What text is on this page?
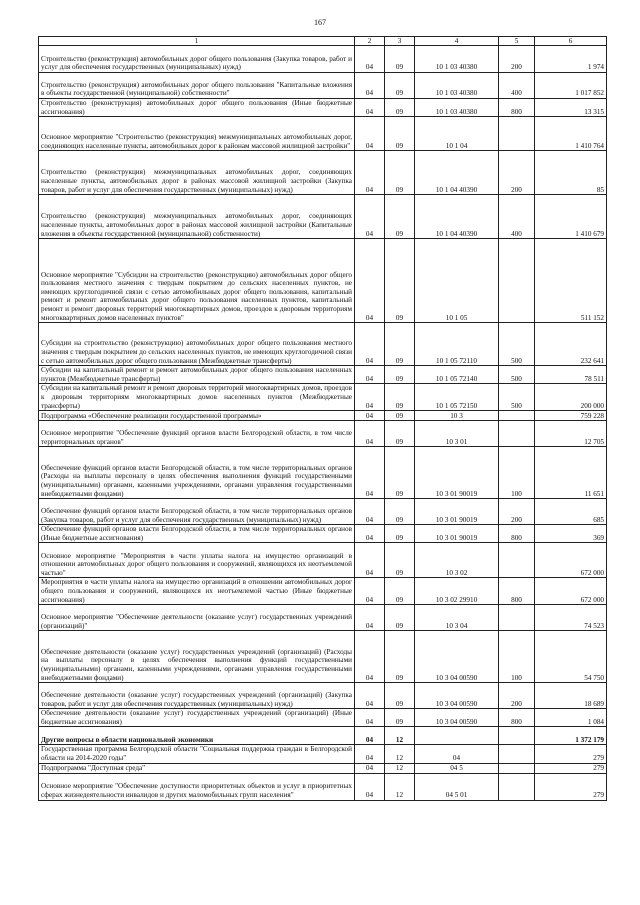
167
1	2	3	4	5	6
Строительство (реконструкция) автомобильных дорог общего пользования (Закупка товаров, работ и услуг для обеспечения государственных (муниципальных) нужд)	04	09	10 1 03 40380	200	1 974
Строительство (реконструкция) автомобильных дорог общего пользования "Капитальные вложения в объекты государственной (муниципальной) собственности"	04	09	10 1 03 40380	400	1 017 852
Строительство (реконструкция) автомобильных дорог общего пользования (Иные бюджетные ассигнования)	04	09	10 1 03 40380	800	13 315
Основное мероприятие "Строительство (реконструкция) межмуниципальных автомобильных дорог, соединяющих населенные пункты, автомобильных дорог к районам массовой жилищной застройки"	04	09	10 1 04		1 410 764
Строительство (реконструкция) межмуниципальных автомобильных дорог, соединяющих населенные пункты, автомобильных дорог в районах массовой жилищной застройки (Закупка товаров, работ и услуг для обеспечения государственных (муниципальных) нужд)	04	09	10 1 04 40390	200	85
Строительство (реконструкция) межмуниципальных автомобильных дорог, соединяющих населенные пункты, автомобильных дорог в районах массовой жилищной застройки (Капитальные вложения в объекты государственной (муниципальной) собственности)	04	09	10 1 04 40390	400	1 410 679
Основное мероприятие "Субсидии на строительство (реконструкцию) автомобильных дорог общего пользования местного значения с твердым покрытием до сельских населенных пунктов, не имеющих круглогодичной связи с сетью автомобильных дорог общего пользования, капитальный ремонт и ремонт автомобильных дорог общего пользования населенных пунктов, капитальный ремонт и ремонт дворовых территорий многоквартирных домов, проездов к дворовым территориям многоквартирных домов населенных пунктов"	04	09	10 1 05		511 152
Субсидии на строительство (реконструкцию) автомобильных дорог общего пользования местного значения с твердым покрытием до сельских населенных пунктов, не имеющих круглогодичной связи с сетью автомобильных дорог общего пользования (Межбюджетные трансферты)	04	09	10 1 05 72110	500	232 641
Субсидии на капитальный ремонт и ремонт автомобильных дорог общего пользования населенных пунктов (Межбюджетные трансферты)	04	09	10 1 05 72140	500	78 511
Субсидии на капитальный ремонт и ремонт дворовых территорий многоквартирных домов, проездов к дворовым территориям многоквартирных домов населенных пунктов (Межбюджетные трансферты)	04	09	10 1 05 72150	500	200 000
Подпрограмма «Обеспечение реализации государственной программы»	04	09	10 3		759 228
Основное мероприятие "Обеспечение функций органов власти Белгородской области, в том числе территориальных органов"	04	09	10 3 01		12 705
Обеспечение функций органов власти Белгородской области, в том числе территориальных органов (Расходы на выплаты персоналу в целях обеспечения выполнения функций государственными (муниципальными) органами, казенными учреждениями, органами управления государственными внебюджетными фондами)	04	09	10 3 01 90019	100	11 651
Обеспечение функций органов власти Белгородской области, в том числе территориальных органов (Закупка товаров, работ и услуг для обеспечения государственных (муниципальных) нужд)	04	09	10 3 01 90019	200	685
Обеспечение функций органов власти Белгородской области, в том числе территориальных органов (Иные бюджетные ассигнования)	04	09	10 3 01 90019	800	369
Основное мероприятие "Мероприятия в части уплаты налога на имущество организаций в отношении автомобильных дорог общего пользования и сооружений, являющихся их неотъемлемой частью"	04	09	10 3 02		672 000
Мероприятия в части уплаты налога на имущество организаций в отношении автомобильных дорог общего пользования и сооружений, являющихся их неотъемлемой частью (Иные бюджетные ассигнования)	04	09	10 3 02 29910	800	672 000
Основное мероприятие "Обеспечение деятельности (оказание услуг) государственных учреждений (организаций)"	04	09	10 3 04		74 523
Обеспечение деятельности (оказание услуг) государственных учреждений (организаций) (Расходы на выплаты персоналу в целях обеспечения выполнения функций государственными (муниципальными) органами, казенными учреждениями, органами управления государственными внебюджетными фондами)	04	09	10 3 04 00590	100	54 750
Обеспечение деятельности (оказание услуг) государственных учреждений (организаций) (Закупка товаров, работ и услуг для обеспечения государственных (муниципальных) нужд)	04	09	10 3 04 00590	200	18 689
Обеспечение деятельности (оказание услуг) государственных учреждений (организаций) (Иные бюджетные ассигнования)	04	09	10 3 04 00590	800	1 084
Другие вопросы в области национальной экономики	04	12			1 372 179
Государственная программа Белгородской области "Социальная поддержка граждан в Белгородской области на 2014-2020 годы"	04	12	04		279
Подпрограмма "Доступная среда"	04	12	04 5		279
Основное мероприятие "Обеспечение доступности приоритетных объектов и услуг в приоритетных сферах жизнедеятельности инвалидов и других маломобильных групп населения"	04	12	04 5 01		279
